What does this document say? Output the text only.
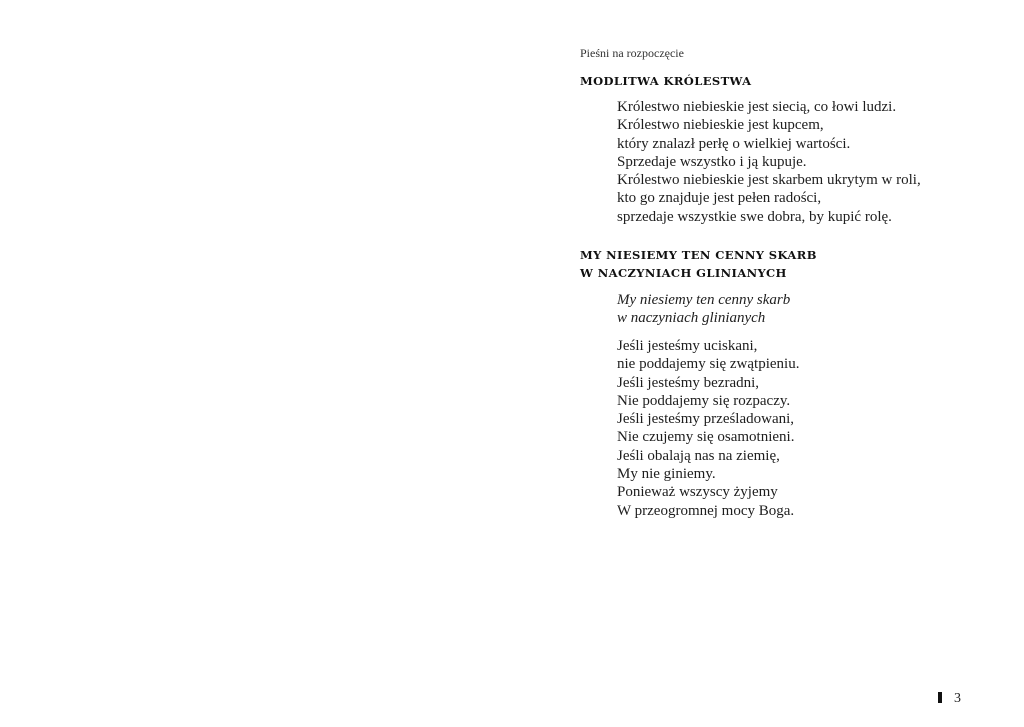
Pieśni na rozpoczęcie
MODLITWA KRÓLESTWA
Królestwo niebieskie jest siecią, co łowi ludzi.
Królestwo niebieskie jest kupcem,
który znalazł perłę o wielkiej wartości.
Sprzedaje wszystko i ją kupuje.
Królestwo niebieskie jest skarbem ukrytym w roli,
kto go znajduje jest pełen radości,
sprzedaje wszystkie swe dobra, by kupić rolę.
MY NIESIEMY TEN CENNY SKARB
W NACZYNIACH GLINIANYCH
My niesiemy ten cenny skarb
w naczyniach glinianych
Jeśli jesteśmy uciskani,
nie poddajemy się zwątpieniu.
Jeśli jesteśmy bezradni,
Nie poddajemy się rozpaczy.
Jeśli jesteśmy prześladowani,
Nie czujemy się osamotnieni.
Jeśli obalają nas na ziemię,
My nie giniemy.
Ponieważ wszyscy żyjemy
W przeogromnej mocy Boga.
3
